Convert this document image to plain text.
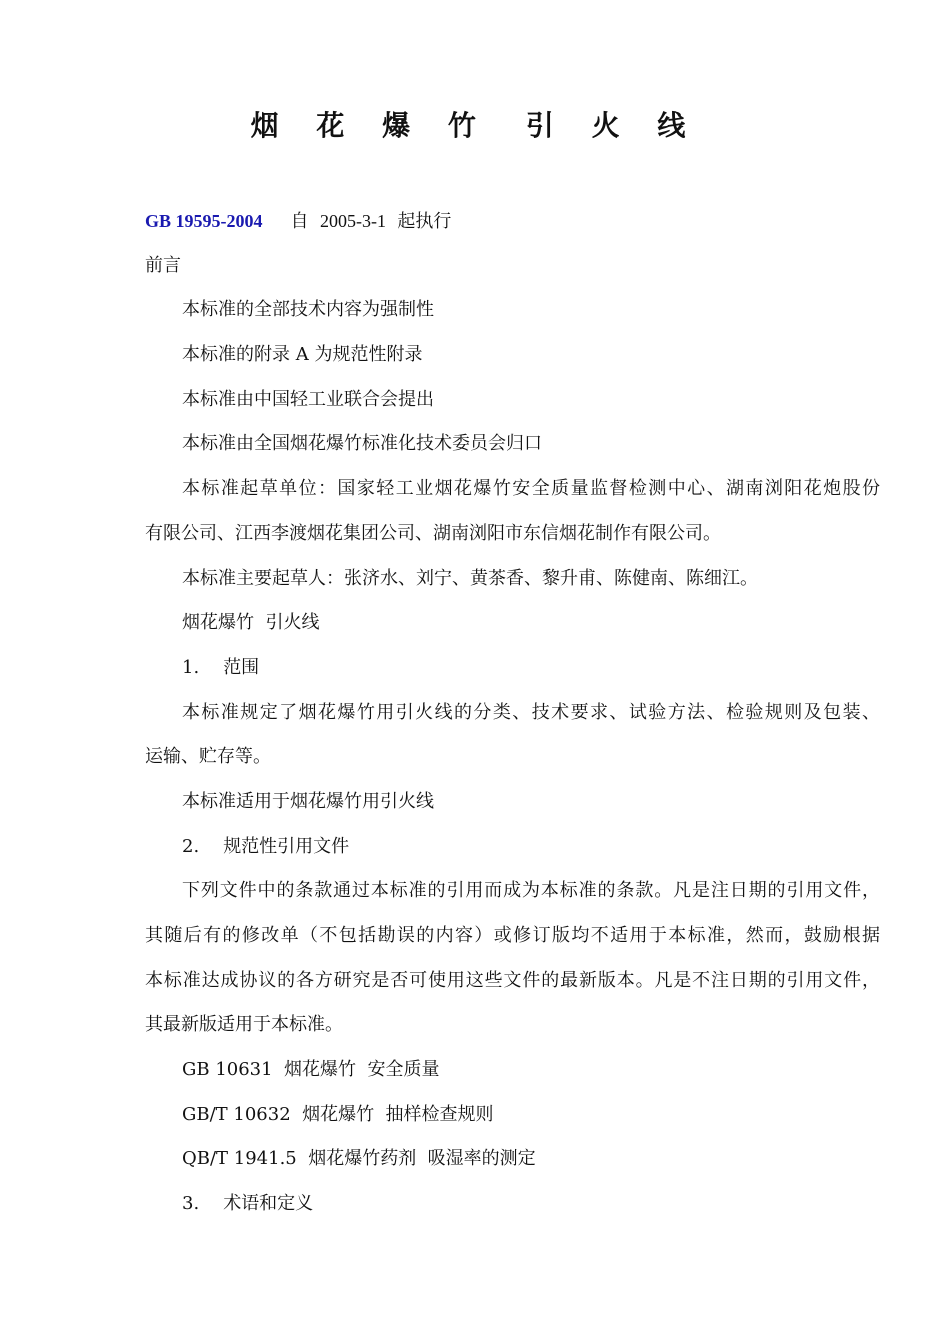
烟 花 爆 竹 引 火 线

GB 19595-2004 自 2005-3-1 起执行

前言

本标准的全部技术内容为强制性

本标准的附录 A 为规范性附录

本标准由中国轻工业联合会提出

本标准由全国烟花爆竹标准化技术委员会归口

本标准起草单位：国家轻工业烟花爆竹安全质量监督检测中心、湖南浏阳花炮股份

有限公司、江西李渡烟花集团公司、湖南浏阳市东信烟花制作有限公司。

本标准主要起草人：张济水、刘宁、黄茶香、黎升甫、陈健南、陈细江。

烟花爆竹  引火线

1. 范围

本标准规定了烟花爆竹用引火线的分类、技术要求、试验方法、检验规则及包装、

运输、贮存等。

本标准适用于烟花爆竹用引火线

2. 规范性引用文件

下列文件中的条款通过本标准的引用而成为本标准的条款。凡是注日期的引用文件，

其随后有的修改单（不包括勘误的内容）或修订版均不适用于本标准，然而，鼓励根据

本标准达成协议的各方研究是否可使用这些文件的最新版本。凡是不注日期的引用文件，

其最新版适用于本标准。

GB 10631  烟花爆竹  安全质量

GB/T 10632  烟花爆竹  抽样检查规则

QB/T 1941.5  烟花爆竹药剂  吸湿率的测定

3. 术语和定义
